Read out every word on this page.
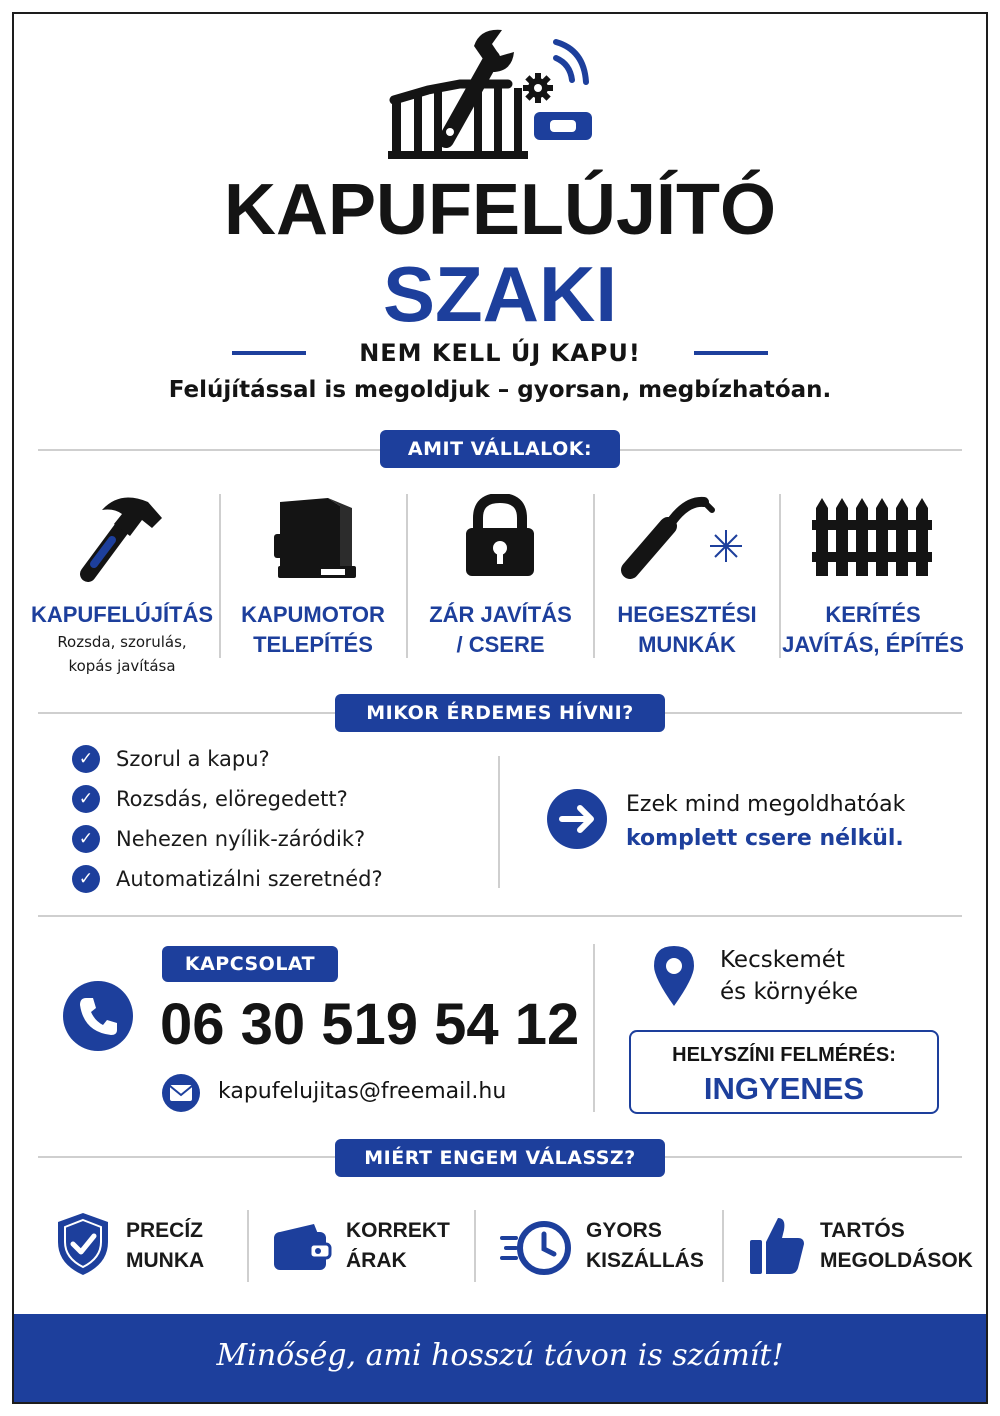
KAPUFELÚJÍTÓ
SZAKI
NEM KELL ÚJ KAPU!
Felújítással is megoldjuk – gyorsan, megbízhatóan.
AMIT VÁLLALOK:
KAPUFELÚJÍTÁS
Rozsda, szorulás,
kopás javítása
KAPUMOTOR
TELEPÍTÉS
ZÁR JAVÍTÁS
/ CSERE
HEGESZTÉSI
MUNKÁK
KERÍTÉS
JAVÍTÁS, ÉPÍTÉS
MIKOR ÉRDEMES HÍVNI?
✓	Szorul a kapu?
✓	Rozsdás, elöregedett?
✓	Nehezen nyílik-záródik?
✓	Automatizálni szeretnéd?
Ezek mind megoldhatóak
komplett csere nélkül.
KAPCSOLAT
06 30 519 54 12
kapufelujitas@freemail.hu
Kecskemét
és környéke
HELYSZÍNI FELMÉRÉS:
INGYENES
MIÉRT ENGEM VÁLASSZ?
PRECÍZ
MUNKA
KORREKT
ÁRAK
GYORS
KISZÁLLÁS
TARTÓS
MEGOLDÁSOK
Minőség, ami hosszú távon is számít!
